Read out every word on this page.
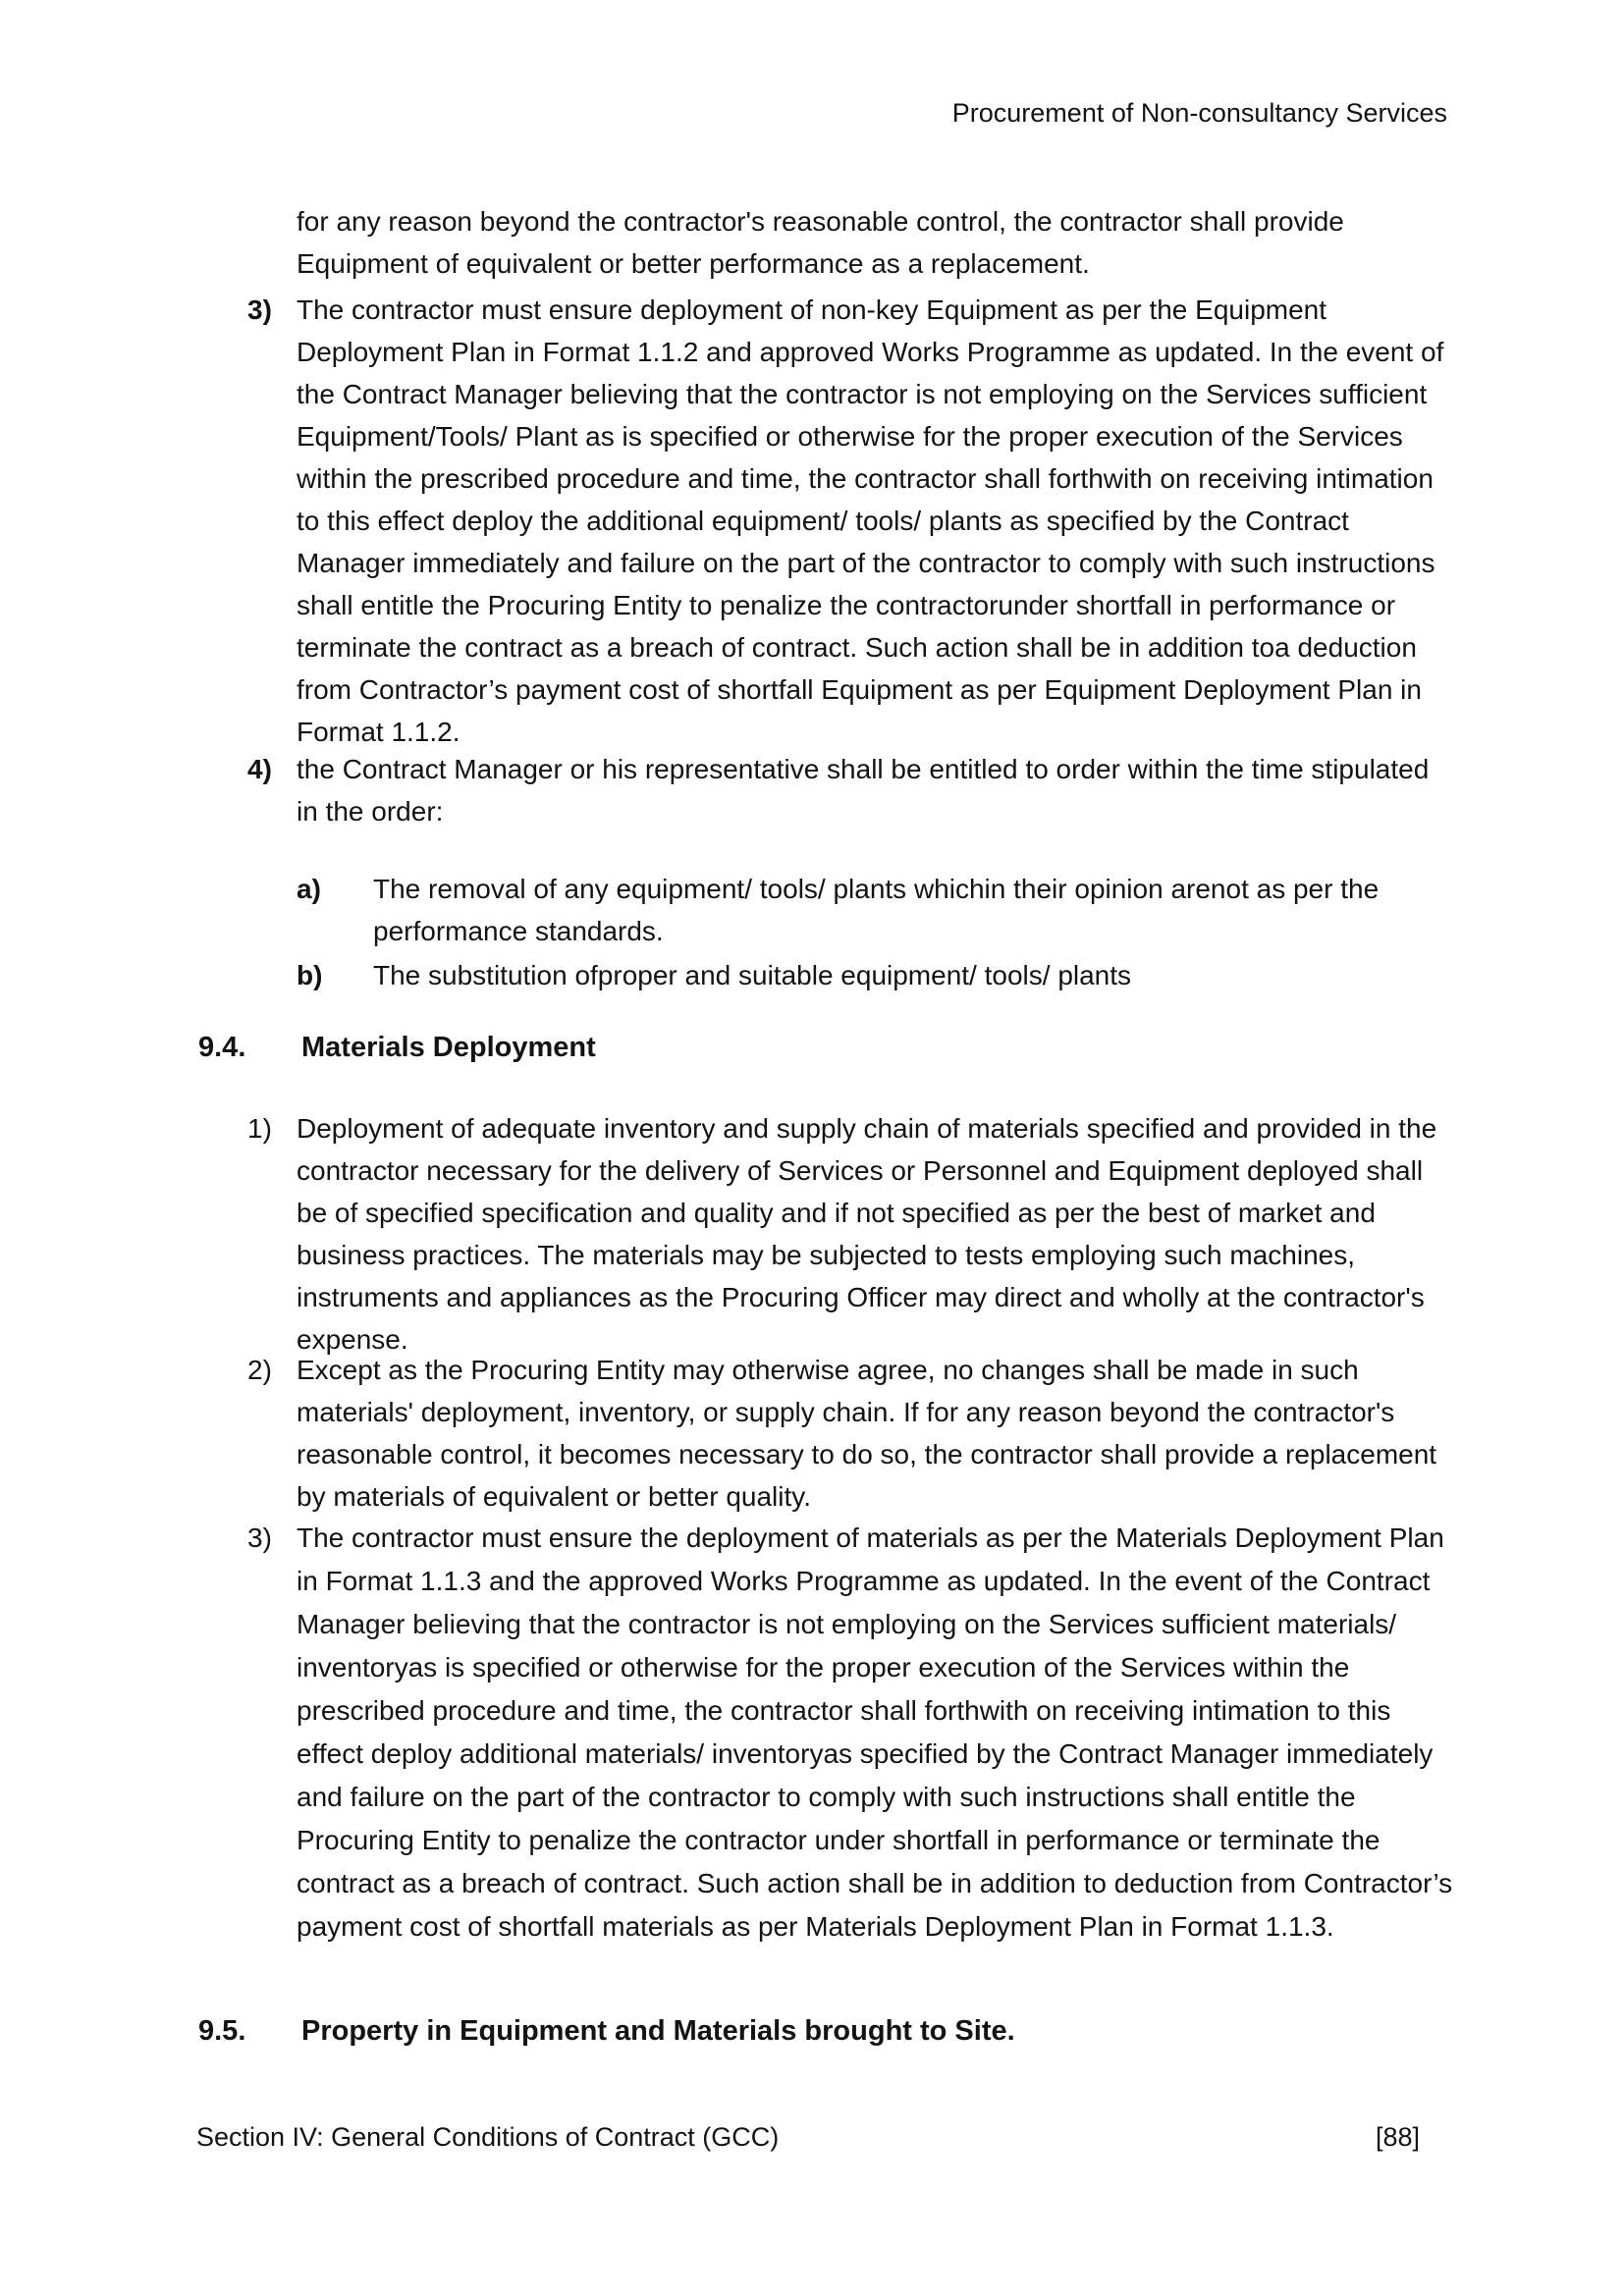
Procurement of Non-consultancy Services
for any reason beyond the contractor's reasonable control, the contractor shall provide Equipment of equivalent or better performance as a replacement.
3) The contractor must ensure deployment of non-key Equipment as per the Equipment Deployment Plan in Format 1.1.2 and approved Works Programme as updated. In the event of the Contract Manager believing that the contractor is not employing on the Services sufficient Equipment/Tools/ Plant as is specified or otherwise for the proper execution of the Services within the prescribed procedure and time, the contractor shall forthwith on receiving intimation to this effect deploy the additional equipment/ tools/ plants as specified by the Contract Manager immediately and failure on the part of the contractor to comply with such instructions shall entitle the Procuring Entity to penalize the contractorunder shortfall in performance or terminate the contract as a breach of contract. Such action shall be in addition toa deduction from Contractor’s payment cost of shortfall Equipment as per Equipment Deployment Plan in Format 1.1.2.
4) the Contract Manager or his representative shall be entitled to order within the time stipulated in the order:
a) The removal of any equipment/ tools/ plants whichin their opinion arenot as per the performance standards.
b) The substitution ofproper and suitable equipment/ tools/ plants
9.4. Materials Deployment
1) Deployment of adequate inventory and supply chain of materials specified and provided in the contractor necessary for the delivery of Services or Personnel and Equipment deployed shall be of specified specification and quality and if not specified as per the best of market and business practices. The materials may be subjected to tests employing such machines, instruments and appliances as the Procuring Officer may direct and wholly at the contractor's expense.
2) Except as the Procuring Entity may otherwise agree, no changes shall be made in such materials' deployment, inventory, or supply chain. If for any reason beyond the contractor's reasonable control, it becomes necessary to do so, the contractor shall provide a replacement by materials of equivalent or better quality.
3) The contractor must ensure the deployment of materials as per the Materials Deployment Plan in Format 1.1.3 and the approved Works Programme as updated. In the event of the Contract Manager believing that the contractor is not employing on the Services sufficient materials/ inventoryas is specified or otherwise for the proper execution of the Services within the prescribed procedure and time, the contractor shall forthwith on receiving intimation to this effect deploy additional materials/ inventoryas specified by the Contract Manager immediately and failure on the part of the contractor to comply with such instructions shall entitle the Procuring Entity to penalize the contractor under shortfall in performance or terminate the contract as a breach of contract. Such action shall be in addition to deduction from Contractor’s payment cost of shortfall materials as per Materials Deployment Plan in Format 1.1.3.
9.5. Property in Equipment and Materials brought to Site.
Section IV: General Conditions of Contract (GCC)	[88]
